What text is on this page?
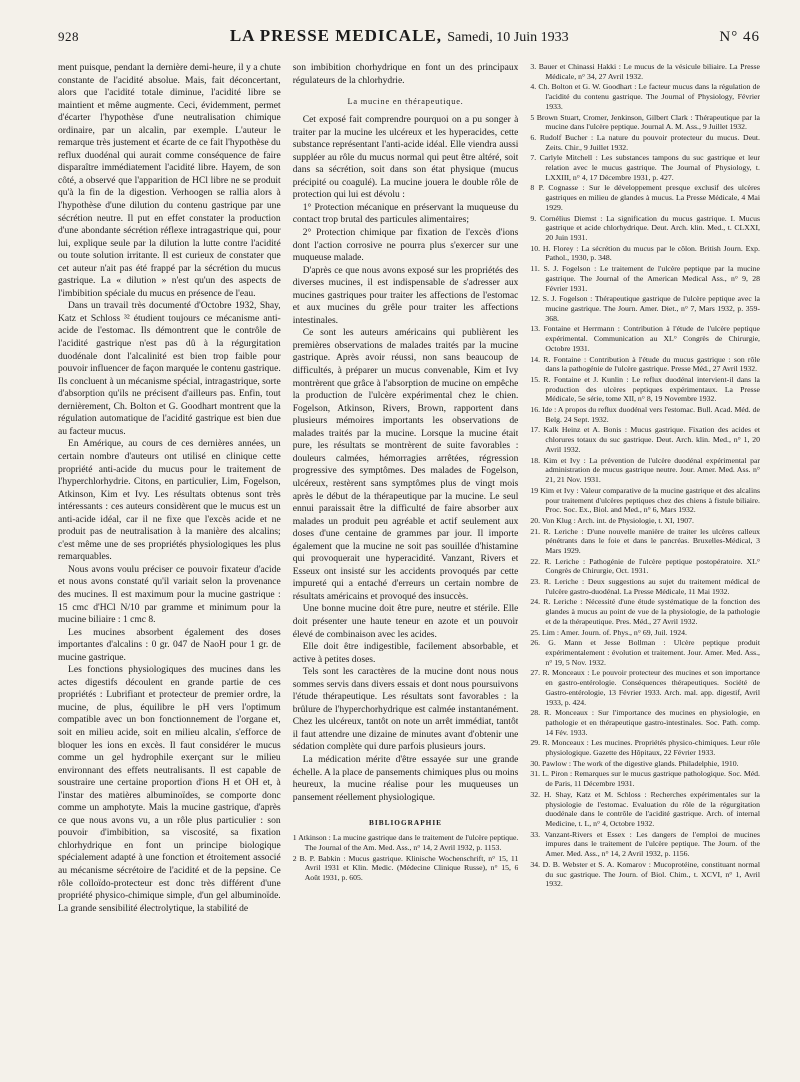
928	LA PRESSE MEDICALE, Samedi, 10 Juin 1933	N° 46

ment puisque, pendant la dernière demi-heure, il y a chute constante de l'acidité absolue. Mais, fait déconcertant, alors que l'acidité totale diminue, l'acidité libre se maintient et même augmente. Ceci, évidemment, permet d'écarter l'hypothèse d'une neutralisation chimique ordinaire, par un alcalin, par exemple. L'auteur le remarque très justement et écarte de ce fait l'hypothèse du reflux duodénal qui aurait comme conséquence de faire disparaître immédiatement l'acidité libre. Hayem, de son côté, a observé que l'apparition de HCl libre ne se produit qu'à la fin de la digestion. Verhoogen se rallia alors à l'hypothèse d'une dilution du contenu gastrique par une sécrétion neutre. Il put en effet constater la production d'une abondante sécrétion réflexe intragastrique qui, pour lui, explique seule par la dilution la lutte contre l'acidité ou toute solution irritante. Il est curieux de constater que cet auteur n'ait pas été frappé par la sécrétion du mucus gastrique. La « dilution » n'est qu'un des aspects de l'imbibition spéciale du mucus en présence de l'eau.

Dans un travail très documenté d'Octobre 1932, Shay, Katz et Schloss ³² étudient toujours ce mécanisme anti-acide de l'estomac. Ils démontrent que le contrôle de l'acidité gastrique n'est pas dû à la régurgitation duodénale dont l'alcalinité est bien trop faible pour pouvoir influencer de façon marquée le contenu gastrique. Ils concluent à un mécanisme spécial, intragastrique, sorte d'absorption qu'ils ne précisent d'ailleurs pas. Enfin, tout dernièrement, Ch. Bolton et G. Goodhart montrent que la régulation automatique de l'acidité gastrique est bien due au facteur mucus.

En Amérique, au cours de ces dernières années, un certain nombre d'auteurs ont utilisé en clinique cette propriété anti-acide du mucus pour le traitement de l'hyperchlorhydrie. Citons, en particulier, Lim, Fogelson, Atkinson, Kim et Ivy. Les résultats obtenus sont très intéressants : ces auteurs considèrent que le mucus est un anti-acide idéal, car il ne fixe que l'excès acide et ne produit pas de neutralisation à la manière des alcalins; c'est même une de ses propriétés physiologiques les plus remarquables.

Nous avons voulu préciser ce pouvoir fixateur d'acide et nous avons constaté qu'il variait selon la provenance des mucines. Il est maximum pour la mucine gastrique : 15 cmc d'HCl N/10 par gramme et minimum pour la mucine biliaire : 1 cmc 8.

Les mucines absorbent également des doses importantes d'alcalins : 0 gr. 047 de NaoH pour 1 gr. de mucine gastrique.

Les fonctions physiologiques des mucines dans les actes digestifs découlent en grande partie de ces propriétés : Lubrifiant et protecteur de premier ordre, la mucine, de plus, équilibre le pH vers l'optimum compatible avec un bon fonctionnement de l'organe et, soit en milieu acide, soit en milieu alcalin, s'efforce de bloquer les ions en excès. Il faut considérer le mucus comme un gel hydrophile exerçant sur le milieu environnant des effets neutralisants. Il est capable de soustraire une certaine proportion d'ions H et OH et, à l'instar des matières albuminoïdes, se comporte donc comme un amphotyte. Mais la mucine gastrique, d'après ce que nous avons vu, a un rôle plus particulier : son pouvoir d'imbibition, sa viscosité, sa fixation chlorhydrique en font un principe biologique spécialement adapté à une fonction et étroitement associé au mécanisme sécrétoire de l'acidité et de la pepsine. Ce rôle colloïdo-protecteur est donc très différent d'une propriété physico-chimique simple, d'un gel albuminoïde. La grande sensibilité électrolytique, la stabilité de

son imbibition chorhydrique en font un des principaux régulateurs de la chlorhydrie.

La mucine en thérapeutique.

Cet exposé fait comprendre pourquoi on a pu songer à traiter par la mucine les ulcéreux et les hyperacides, cette substance représentant l'anti-acide idéal. Elle viendra aussi suppléer au rôle du mucus normal qui peut être altéré, soit dans sa sécrétion, soit dans son état physique (mucus précipité ou coagulé). La mucine jouera le double rôle de protection qui lui est dévolu :

1° Protection mécanique en préservant la muqueuse du contact trop brutal des particules alimentaires;

2° Protection chimique par fixation de l'excès d'ions dont l'action corrosive ne pourra plus s'exercer sur une muqueuse malade.

D'après ce que nous avons exposé sur les propriétés des diverses mucines, il est indispensable de s'adresser aux mucines gastriques pour traiter les affections de l'estomac et aux mucines du grêle pour traiter les affections intestinales.

Ce sont les auteurs américains qui publièrent les premières observations de malades traités par la mucine gastrique. Après avoir réussi, non sans beaucoup de difficultés, à préparer un mucus convenable, Kim et Ivy montrèrent que grâce à l'absorption de mucine on empêche la production de l'ulcère expérimental chez le chien. Fogelson, Atkinson, Rivers, Brown, rapportent dans plusieurs mémoires importants les observations de malades traités par la mucine. Lorsque la mucine était pure, les résultats se montrèrent de suite favorables : douleurs calmées, hémorragies arrêtées, régression progressive des symptômes. Des malades de Fogelson, ulcéreux, restèrent sans symptômes plus de vingt mois après le début de la thérapeutique par la mucine. Le seul ennui paraissait être la difficulté de faire absorber aux malades un produit peu agréable et actif seulement aux doses d'une centaine de grammes par jour. Il importe également que la mucine ne soit pas souillée d'histamine qui provoquerait une hyperacidité. Vanzant, Rivers et Esseux ont insisté sur les accidents provoqués par cette impureté qui a entaché d'erreurs un certain nombre de résultats américains et provoqué des insuccès.

Une bonne mucine doit être pure, neutre et stérile. Elle doit présenter une haute teneur en azote et un pouvoir élevé de combinaison avec les acides.

Elle doit être indigestible, facilement absorbable, et active à petites doses.

Tels sont les caractères de la mucine dont nous nous sommes servis dans divers essais et dont nous poursuivons l'étude thérapeutique. Les résultats sont favorables : la brûlure de l'hyperchorhydrique est calmée instantanément. Chez les ulcéreux, tantôt on note un arrêt immédiat, tantôt il faut attendre une dizaine de minutes avant d'obtenir une sédation complète qui dure parfois plusieurs jours.

La médication mérite d'être essayée sur une grande échelle. A la place de pansements chimiques plus ou moins heureux, la mucine réalise pour les muqueuses un pansement réellement physiologique.

BIBLIOGRAPHIE
1 Atkinson : La mucine gastrique dans le traitement de l'ulcère peptique. The Journal of the Am. Med. Ass., n° 14, 2 Avril 1932, p. 1153.
2 B. P. Babkin : Mucus gastrique. Klinische Wochenschrift, n° 15, 11 Avril 1931 et Klin. Medic. (Médecine Clinique Russe), n° 15, 6 Août 1931, p. 605.
3. Bauer et Chinassi Hakki : Le mucus de la vésicule biliaire. La Presse Médicale, n° 34, 27 Avril 1932.
4. Ch. Bolton et G. W. Goodhart : Le facteur mucus dans la régulation de l'acidité du contenu gastrique. The Journal of Physiology, Février 1933.
5 Brown Stuart, Cromer, Jenkinson, Gilbert Clark : Thérapeutique par la mucine dans l'ulcère peptique. Journal A. M. Ass., 9 Juillet 1932.
6. Rudolf Bucher : La nature du pouvoir protecteur du mucus. Deut. Zeits. Chir., 9 Juillet 1932.
7. Carlyle Mitchell : Les substances tampons du suc gastrique et leur relation avec le mucus gastrique. The Journal of Physiology, t. LXXIII, n° 4, 17 Décembre 1931, p. 427.
8 P. Cognasse : Sur le développement presque exclusif des ulcères gastriques en milieu de glandes à mucus. La Presse Médicale, 4 Mai 1929.
9. Cornélius Diemst : La signification du mucus gastrique. I. Mucus gastrique et acide chlorhydrique. Deut. Arch. klin. Med., t. CLXXI, 20 Juin 1931.
10. H. Florey : La sécrétion du mucus par le côlon. British Journ. Exp. Pathol., 1930, p. 348.
11. S. J. Fogelson : Le traitement de l'ulcère peptique par la mucine gastrique. The Journal of the American Medical Ass., n° 9, 28 Février 1931.
12. S. J. Fogelson : Thérapeutique gastrique de l'ulcère peptique avec la mucine gastrique. The Journ. Amer. Diet., n° 7, Mars 1932, p. 359-368.
13. Fontaine et Herrmann : Contribution à l'étude de l'ulcère peptique expérimental. Communication au XL° Congrès de Chirurgie, Octobre 1931.
14. R. Fontaine : Contribution à l'étude du mucus gastrique : son rôle dans la pathogénie de l'ulcère gastrique. Presse Méd., 27 Avril 1932.
15. R. Fontaine et J. Kunlin : Le reflux duodénal intervient-il dans la production des ulcères peptiques expérimentaux. La Presse Médicale, 5e série, tome XII, n° 8, 19 Novembre 1932.
16. Ide : A propos du reflux duodénal vers l'estomac. Bull. Acad. Méd. de Belg. 24 Sept. 1932.
17. Kalk Heinz et A. Bonis : Mucus gastrique. Fixation des acides et chlorures totaux du suc gastrique. Deut. Arch. klin. Med., n° 1, 20 Avril 1932.
18. Kim et Ivy : La prévention de l'ulcère duodénal expérimental par administration de mucus gastrique neutre. Jour. Amer. Med. Ass. n° 21, 21 Nov. 1931.
19 Kim et Ivy : Valeur comparative de la mucine gastrique et des alcalins pour traitement d'ulcères peptiques chez des chiens à fistule biliaire. Proc. Soc. Ex., Biol. and Med., n° 6, Mars 1932.
20. Von Klug : Arch. int. de Physiologie, t. XI, 1907.
21. R. Leriche : D'une nouvelle manière de traiter les ulcères calleux pénétrants dans le foie et dans le pancréas. Bruxelles-Médical, 3 Mars 1929.
22. R. Leriche : Pathogénie de l'ulcère peptique postopératoire. XL° Congrès de Chirurgie, Oct. 1931.
23. R. Leriche : Deux suggestions au sujet du traitement médical de l'ulcère gastro-duodénal. La Presse Médicale, 11 Mai 1932.
24. R. Leriche : Nécessité d'une étude systématique de la fonction des glandes à mucus au point de vue de la physiologie, de la pathologie et de la thérapeutique. Pres. Méd., 27 Avril 1932.
25. Lim : Amer. Journ. of. Phys., n° 69, Juil. 1924.
26. G. Mann et Jesse Bollman : Ulcère peptique produit expérimentalement : évolution et traitement. Jour. Amer. Med. Ass., n° 19, 5 Nov. 1932.
27. R. Monceaux : Le pouvoir protecteur des mucines et son importance en gastro-entérologie. Conséquences thérapeutiques. Société de Gastro-entérologie, 13 Février 1933. Arch. mal. app. digestif, Avril 1933, p. 424.
28. R. Monceaux : Sur l'importance des mucines en physiologie, en pathologie et en thérapeutique gastro-intestinales. Soc. Path. comp. 14 Fév. 1933.
29. R. Monceaux : Les mucines. Propriétés physico-chimiques. Leur rôle physiologique. Gazette des Hôpitaux, 22 Février 1933.
30. Pawlow : The work of the digestive glands. Philadelphie, 1910.
31. L. Piron : Remarques sur le mucus gastrique pathologique. Soc. Méd. de Paris, 11 Décembre 1931.
32. H. Shay, Katz et M. Schloss : Recherches expérimentales sur la physiologie de l'estomac. Evaluation du rôle de la régurgitation duodénale dans le contrôle de l'acidité gastrique. Arch. of internal Medicine, t. L, n° 4, Octobre 1932.
33. Vanzant-Rivers et Essex : Les dangers de l'emploi de mucines impures dans le traitement de l'ulcère peptique. The Journ. of the Amer. Med. Ass., n° 14, 2 Avril 1932, p. 1156.
34. D. B. Webster et S. A. Komarov : Mucoprotéine, constituant normal du suc gastrique. The Journ. of Biol. Chim., t. XCVI, n° 1, Avril 1932.
